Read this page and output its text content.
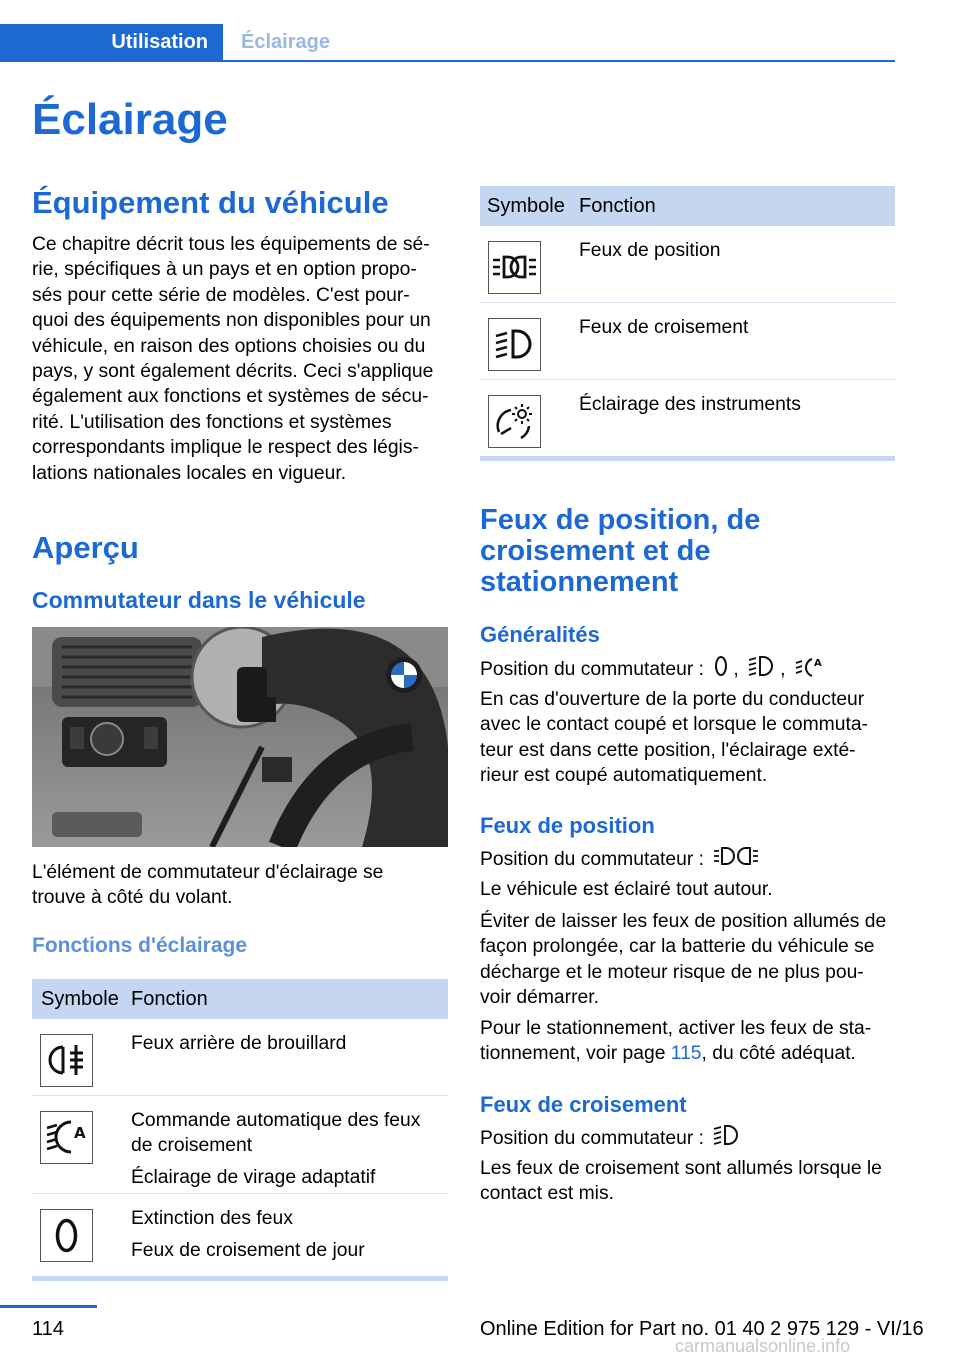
Utilisation	Éclairage
Éclairage
Équipement du véhicule
Ce chapitre décrit tous les équipements de sé‐
rie, spécifiques à un pays et en option propo‐
sés pour cette série de modèles. C'est pour‐
quoi des équipements non disponibles pour un
véhicule, en raison des options choisies ou du
pays, y sont également décrits. Ceci s'applique
également aux fonctions et systèmes de sécu‐
rité. L'utilisation des fonctions et systèmes
correspondants implique le respect des légis‐
lations nationales locales en vigueur.
Aperçu
Commutateur dans le véhicule
L'élément de commutateur d'éclairage se
trouve à côté du volant.
Fonctions d'éclairage
Symbole Fonction
Feux arrière de brouillard
A
Commande automatique des feux
de croisement
Éclairage de virage adaptatif
Extinction des feux
Feux de croisement de jour
Symbole Fonction
Feux de position
Feux de croisement
Éclairage des instruments
Feux de position, de
croisement et de
stationnement
Généralités
Position du commutateur : , ,	A
En cas d'ouverture de la porte du conducteur
avec le contact coupé et lorsque le commuta‐
teur est dans cette position, l'éclairage exté‐
rieur est coupé automatiquement.
Feux de position
Position du commutateur :
Le véhicule est éclairé tout autour.
Éviter de laisser les feux de position allumés de
façon prolongée, car la batterie du véhicule se
décharge et le moteur risque de ne plus pou‐
voir démarrer.
Pour le stationnement, activer les feux de sta‐
tionnement, voir page 115, du côté adéquat.
Feux de croisement
Position du commutateur :
Les feux de croisement sont allumés lorsque le
contact est mis.
114	Online Edition for Part no. 01 40 2 975 129 - VI/16
carmanualsonline.info
